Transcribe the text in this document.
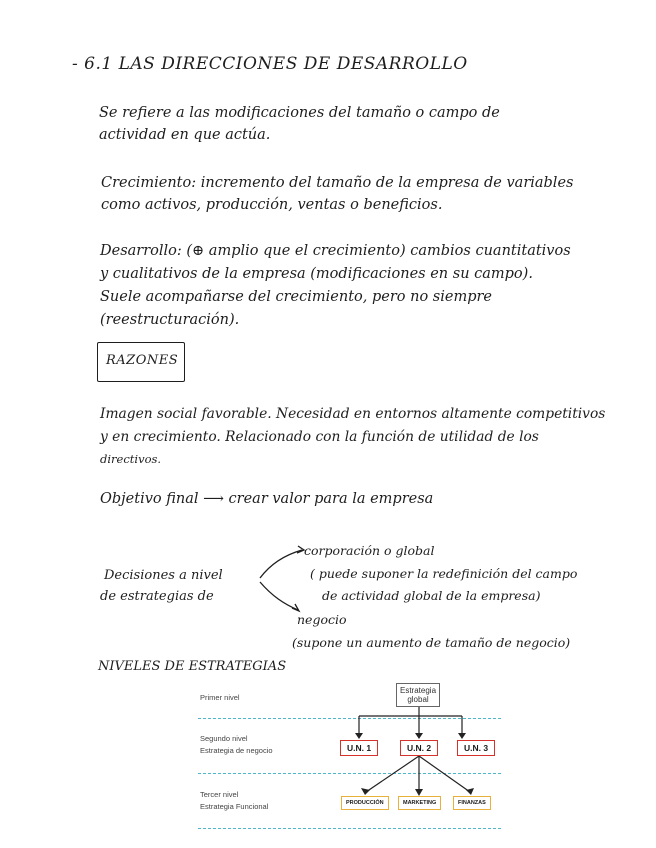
- 6.1 LAS DIRECCIONES DE DESARROLLO
Se refiere a las modificaciones del tamaño o campo de
actividad en que actúa.
Crecimiento: incremento del tamaño de la empresa de variables
como activos, producción, ventas o beneficios.
Desarrollo: (⊕ amplio que el crecimiento) cambios cuantitativos
y cualitativos de la empresa (modificaciones en su campo).
Suele acompañarse del crecimiento, pero no siempre
(reestructuración).
RAZONES
Imagen social favorable. Necesidad en entornos altamente competitivos
y en crecimiento. Relacionado con la función de utilidad de los
directivos.
Objetivo final ⟶ crear valor para la empresa
Decisiones a nivel
de estrategias de
corporación o global
( puede suponer la redefinición del campo
de actividad global de la empresa)
negocio
(supone un aumento de tamaño de negocio)
NIVELES DE ESTRATEGIAS
Primer nivel
Segundo nivel
Estrategia de negocio
Tercer nivel
Estrategia Funcional
Estrategia
global
U.N. 1	U.N. 2	U.N. 3
PRODUCCIÓN	MARKETING	FINANZAS
